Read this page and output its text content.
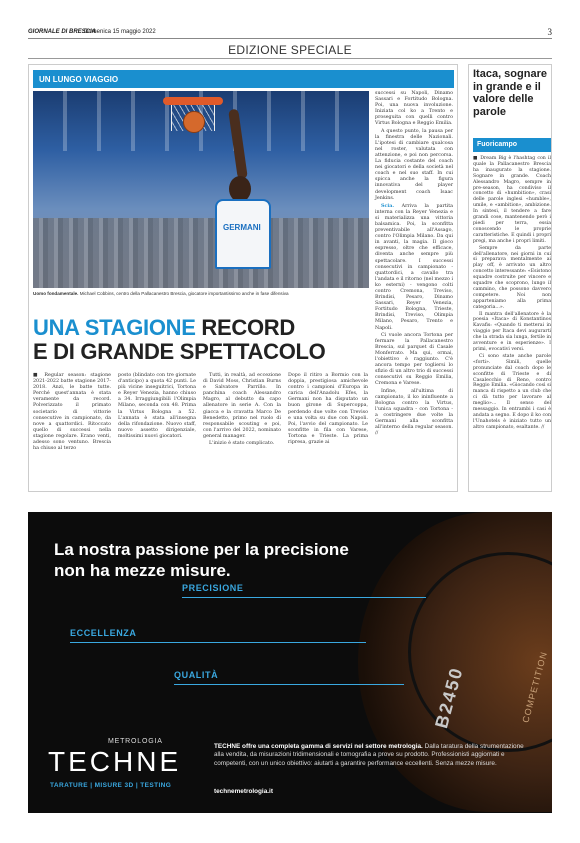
GIORNALE DI BRESCIA
Domenica 15 maggio 2022	3
EDIZIONE SPECIALE
UN LUNGO VIAGGIO
GERMANI
Uomo fondamentale. Michael Cobbins, centro della Pallacanestro Brescia, giocatore importantissimo anche in fase difensiva

successi su Napoli, Dinamo Sassari e Fortitudo Bologna. Poi, una nuova involuzione. Iniziata col ko a Trento e proseguita con quelli contro Virtus Bologna e Reggio Emilia.

A questo punto, la pausa per la finestra delle Nazionali. L'ipotesi di cambiare qualcosa nel roster, valutata con attenzione, e poi non percorsa. La fiducia costante del coach nei giocatori e della società nel coach e nel suo staff. In cui spicca anche la figura innovativa del player development coach Isaac Jenkins.

Scia. Arriva la partita interna con la Reyer Venezia e si materializza una vittoria balsamica. Poi, la sconfitta preventivabile all'Assago, contro l'Olimpia Milano. Da qui in avanti, la magia. Il gioco espresso, oltre che efficace, diventa anche sempre più spettacolare. I successi consecutivi in campionato - quattordici, a cavallo tra l'andata e il ritorno (nel mezzo i ko esterni) - vengono colti contro Cremona, Treviso, Brindisi, Pesaro, Dinamo Sassari, Reyer Venezia, Fortitudo Bologna, Trieste, Brindisi, Treviso, Olimpia Milano, Pesaro, Trento e Napoli.

Ci vuole ancora Tortona per fermare la Pallacanestro Brescia, sul parquet di Casale Monferrato. Ma qui, ormai, l'obiettivo è raggiunto. C'è ancora tempo per togliersi lo sfizio di un altro trio di successi consecutivi su Reggio Emilia, Cremona e Varese.

Infine, all'ultima di campionato, il ko ininfluente a Bologna contro la Virtus, l'unica squadra - con Tortona - a costringere due volte la Germani alla sconfitta all'interno della regular season. //

UNA STAGIONE RECORD
E DI GRANDE SPETTACOLO

■ Regular season: stagione 2021-2022 batte stagione 2017-2018. Anzi, le batte tutte. Perché quest'annata è stata veramente da record. Polverizzato il primato societario di vittorie consecutive in campionato, da nove a quattordici. Ritoccato quello di successi nella stagione regolare. Erano venti, adesso sono ventuno. Brescia ha chiuso al terzo

posto (blindato con tre giornate d'anticipo) a quota 42 punti. Le più vicine inseguitrici, Tortona e Reyer Venezia, hanno chiuso a 34. Irraggiungibili l'Olimpia Milano, seconda con 48. Prima la Virtus Bologna a 52. L'annata è stata all'insegna della rifondazione. Nuovo staff, nuovo assetto dirigenziale, moltissimi nuovi giocatori.

Tutti, in realtà, ad eccezione di David Moss, Christian Burns e Salvatore Parrillo. In panchina coach Alessandro Magro, al debutto da capo allenatore in serie A. Con la giacca e la cravatta Marco De Benedetto, primo nel ruolo di responsabile scouting e poi, con l'arrivo del 2022, nominato general manager.

L'inizio è stato complicato.

Dopo il ritiro a Bormio con la doppia, prestigiosa amichevole contro i campioni d'Europa in carica dell'Anadolu Efes, la Germani non ha disputato un buon girone di Supercoppa, perdendo due volte con Treviso e una volta su due con Napoli. Poi, l'avvio del campionato. Le sconfitte in fila con Varese, Tortona e Trieste. La prima ripresa, grazie ai

Itaca, sognare in grande e il valore delle parole
Fuoricampo

■ Dream Big è l'hashtag con il quale la Pallacanestro Brescia ha inaugurato la stagione. Sognare in grande. Coach Alessandro Magro, sempre in pre-season, ha condiviso il concetto di «humbition», crasi delle parole inglesi «humble», umile, e «ambition», ambizione. In sintesi, il tendere a fare grandi cose, mantenendo però i piedi per terra, essia conoscendo le proprie caratteristiche. E quindi i propri pregi, ma anche i propri limiti.

Sempre da parte dell'allenatore, nei giorni in cui si preparava mentalmente ai play off, è arrivato un altro concetto interessante: «Esistono squadre costruite per vincere e squadre che scoprono, lungo il cammino, che possono davvero competere. Noi non apparteniamo alla prima categoria...».

Il mantra dell'allenatore è la poesia «Itaca» di Konstantinos Kavafis: «Quando ti metterai in viaggio per Itaca devi augurarti che la strada sia lunga, fertile in avventure e in esperienze». I primi, evocativi versi.

Ci sono state anche parole «forti». Simili, quelle pronunciate dal coach dopo le sconfitte di Trieste e di Casalecchio di Reno, contro Reggio Emilia. «Giocando così si manca di rispetto a un club che ci dà tutto per lavorare al meglio»... Il senso del messaggio. In entrambi i casi è andata a segno. E dopo il ko con l'Unahotels è iniziato tutto un altro campionato, esaltante. //

B2450	COMPETITION
La nostra passione per la precisione
non ha mezze misure.
PRECISIONE
ECCELLENZA
QUALITÀ
METROLOGIA
TECHNE
TARATURE | MISURE 3D | TESTING
TECHNE offre una completa gamma di servizi nel settore metrologia. Dalla taratura della strumentazione alla vendita, da misurazioni tridimensionali e tomografia a prove su prodotto. Professionisti aggiornati e competenti, con un unico obiettivo: aiutarti a garantire performance eccellenti. Senza mezze misure.
technemetrologia.it
